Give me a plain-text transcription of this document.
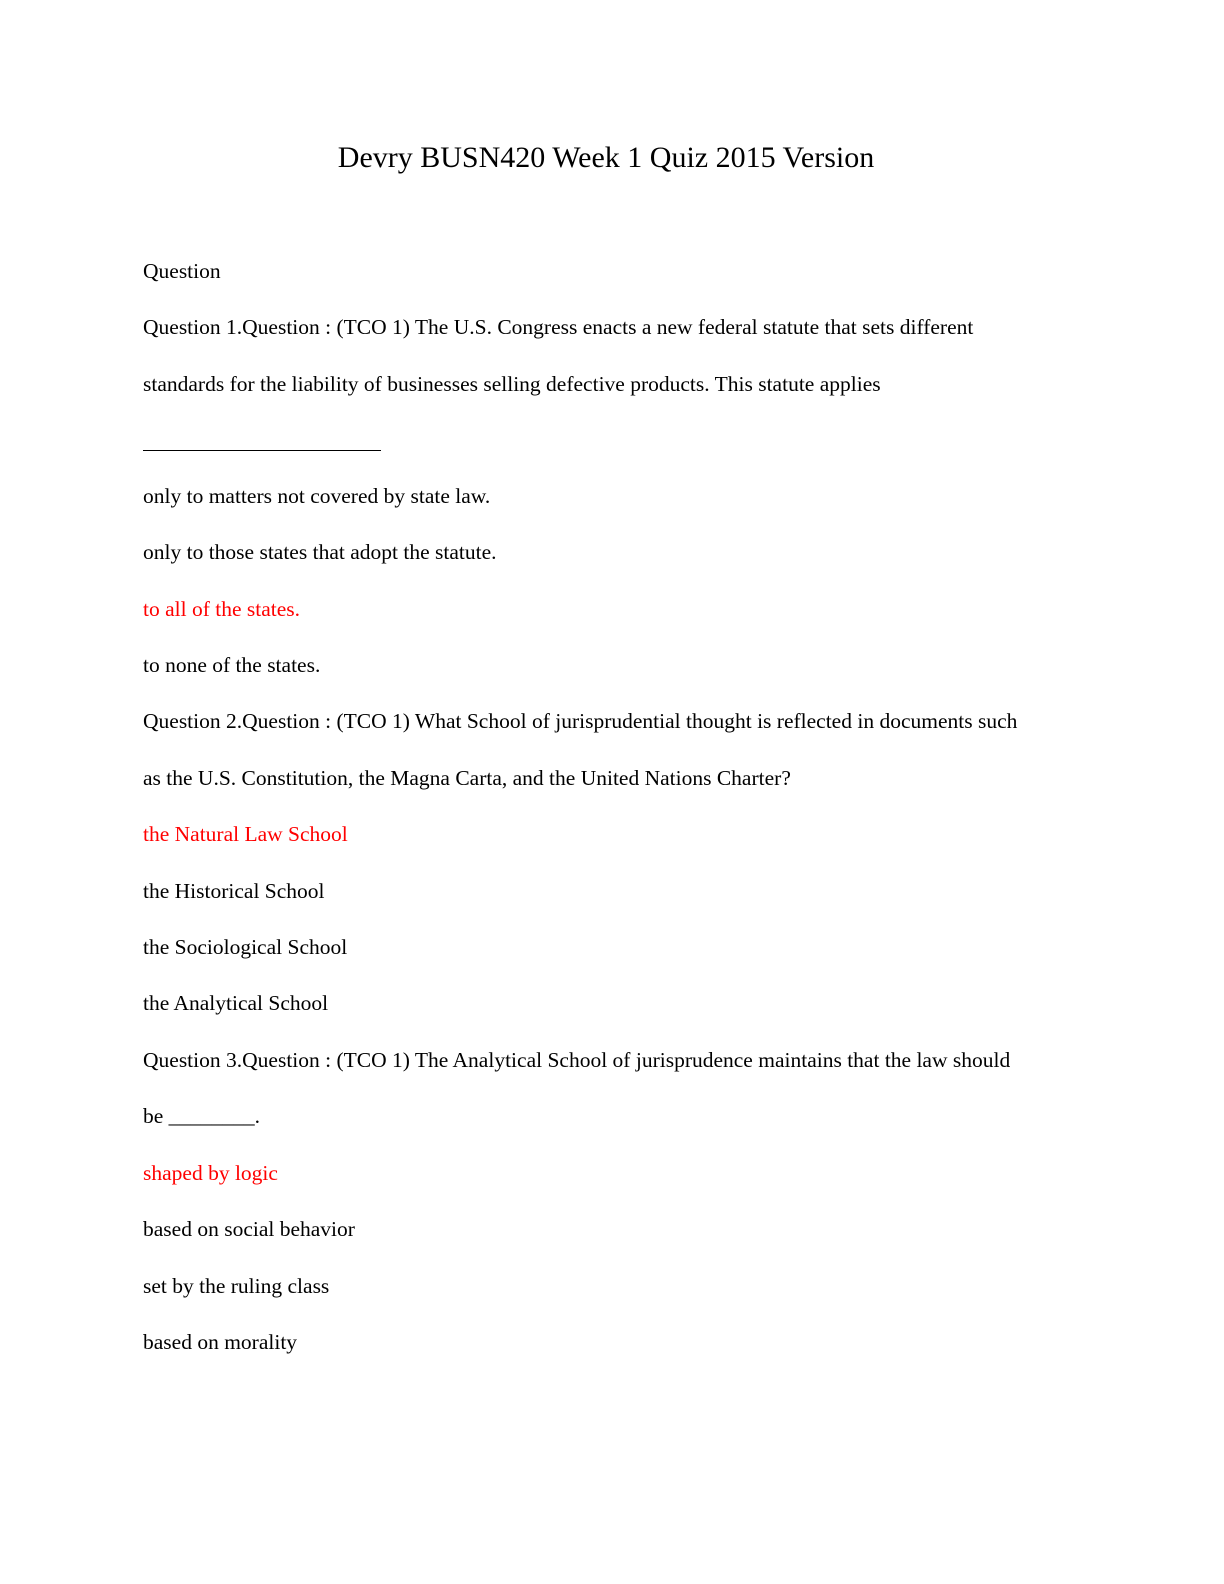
Devry BUSN420 Week 1 Quiz 2015 Version
Question
Question 1.Question : (TCO 1) The U.S. Congress enacts a new federal statute that sets different
standards for the liability of businesses selling defective products. This statute applies
only to matters not covered by state law.
only to those states that adopt the statute.
to all of the states.
to none of the states.
Question 2.Question : (TCO 1) What School of jurisprudential thought is reflected in documents such
as the U.S. Constitution, the Magna Carta, and the United Nations Charter?
the Natural Law School
the Historical School
the Sociological School
the Analytical School
Question 3.Question : (TCO 1) The Analytical School of jurisprudence maintains that the law should
be ________.
shaped by logic
based on social behavior
set by the ruling class
based on morality
